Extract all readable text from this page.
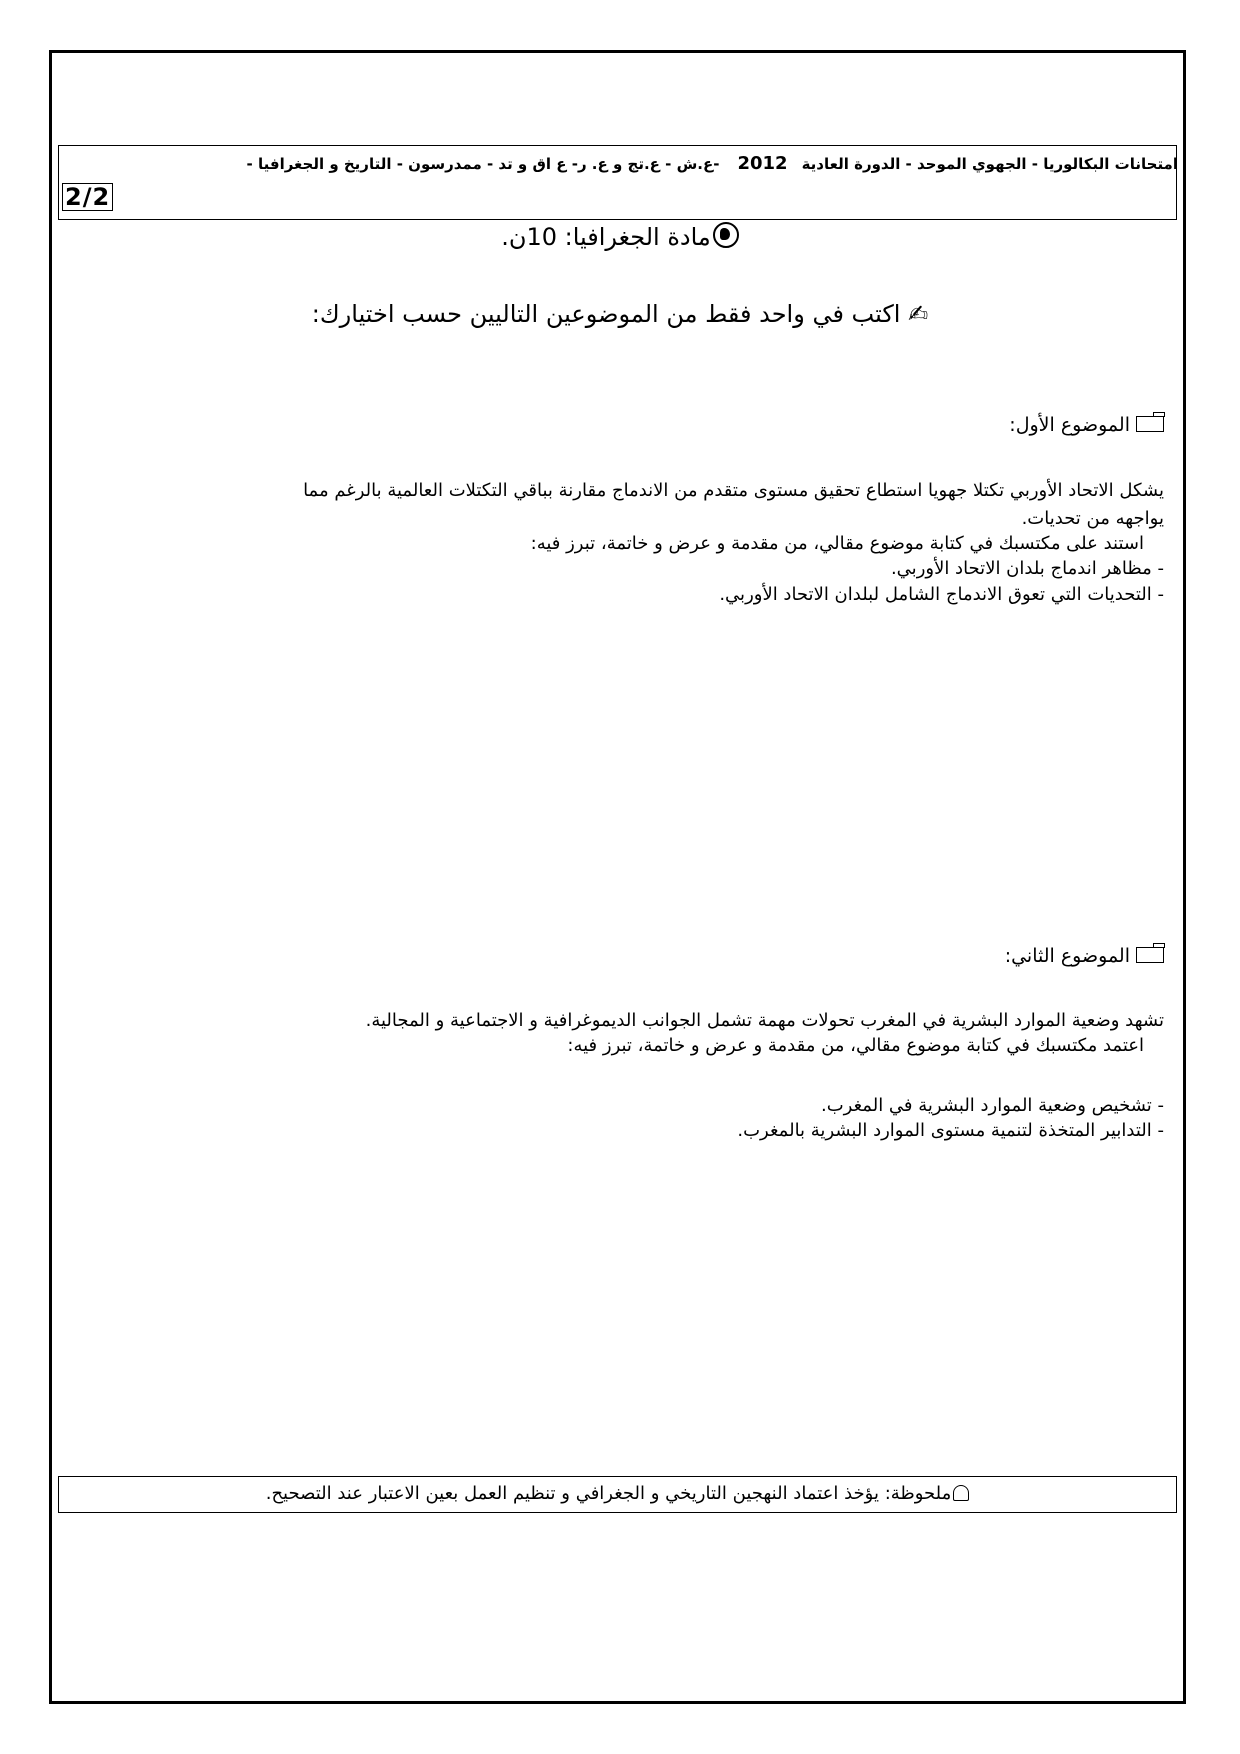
امتحانات البكالوريا - الجهوي الموحد - الدورة العادية2012-ع.ش - ع.تج و ع. ر- ع اق و تد - ممدرسون - التاريخ و الجغرافيا -
2/2
مادة الجغرافيا: 10ن.
✍ اكتب في واحد فقط من الموضوعين التاليين حسب اختيارك:
الموضوع الأول:
يشكل الاتحاد الأوربي تكتلا جهويا استطاع تحقيق مستوى متقدم من الاندماج مقارنة بباقي التكتلات العالمية بالرغم مما
يواجهه من تحديات.
استند على مكتسبك في كتابة موضوع مقالي، من مقدمة و عرض و خاتمة، تبرز فيه:
- مظاهر اندماج بلدان الاتحاد الأوربي.
- التحديات التي تعوق الاندماج الشامل لبلدان الاتحاد الأوربي.
الموضوع الثاني:
تشهد وضعية الموارد البشرية في المغرب تحولات مهمة تشمل الجوانب الديموغرافية و الاجتماعية و المجالية.
اعتمد مكتسبك في كتابة موضوع مقالي، من مقدمة و عرض و خاتمة، تبرز فيه:
- تشخيص وضعية الموارد البشرية في المغرب.
- التدابير المتخذة لتنمية مستوى الموارد البشرية بالمغرب.
ملحوظة: يؤخذ اعتماد النهجين التاريخي و الجغرافي و تنظيم العمل بعين الاعتبار عند التصحيح.
